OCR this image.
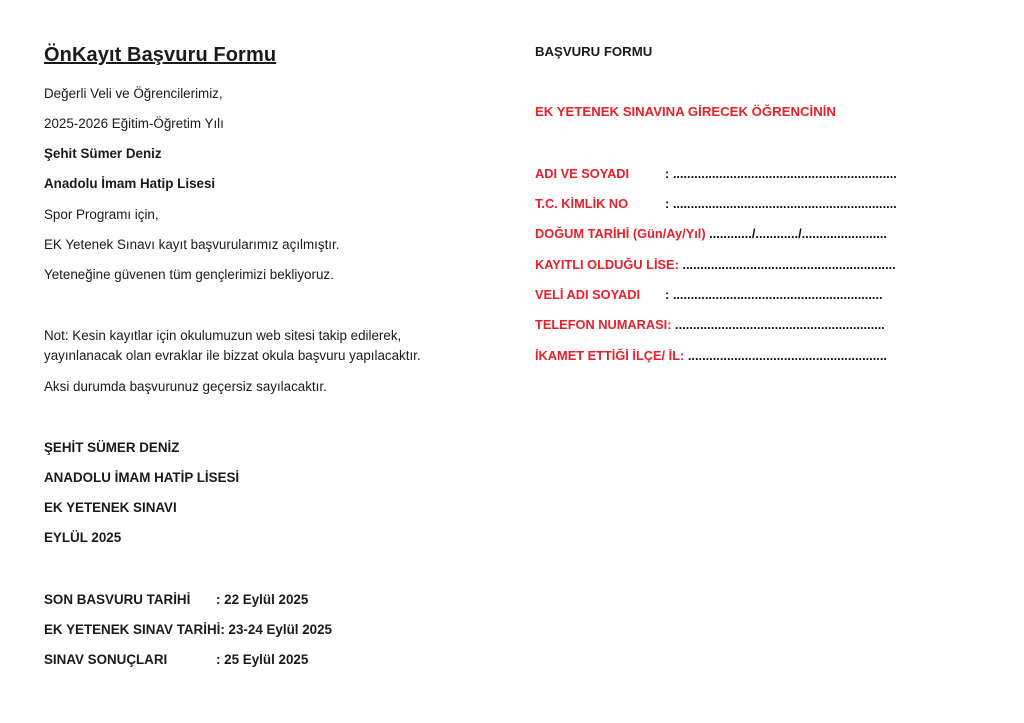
ÖnKayıt Başvuru Formu
Değerli Veli ve Öğrencilerimiz,
2025-2026 Eğitim-Öğretim Yılı
Şehit Sümer Deniz
Anadolu İmam Hatip Lisesi
Spor Programı için,
EK Yetenek Sınavı kayıt başvurularımız açılmıştır.
Yeteneğine güvenen tüm gençlerimizi bekliyoruz.
Not: Kesin kayıtlar için okulumuzun web sitesi takip edilerek,
yayınlanacak olan evraklar ile bizzat okula başvuru yapılacaktır.
Aksi durumda başvurunuz geçersiz sayılacaktır.
ŞEHİT SÜMER DENİZ
ANADOLU İMAM HATİP LİSESİ
EK YETENEK SINAVI
EYLÜL 2025
SON BASVURU TARİHİ : 22 Eylül 2025
EK YETENEK SINAV TARİHİ: 23-24 Eylül 2025
SINAV SONUÇLARI	: 25 Eylül 2025
BAŞVURU FORMU
EK YETENEK SINAVINA GİRECEK ÖĞRENCİNİN
ADI VE SOYADI	: ...............................................................
T.C. KİMLİK NO	: ...............................................................
DOĞUM TARİHİ (Gün/Ay/Yıl) ............/............/........................
KAYITLI OLDUĞU LİSE: ............................................................
VELİ ADI SOYADI : ...........................................................
TELEFON NUMARASI: ...........................................................
İKAMET ETTİĞİ İLÇE/ İL: ........................................................
